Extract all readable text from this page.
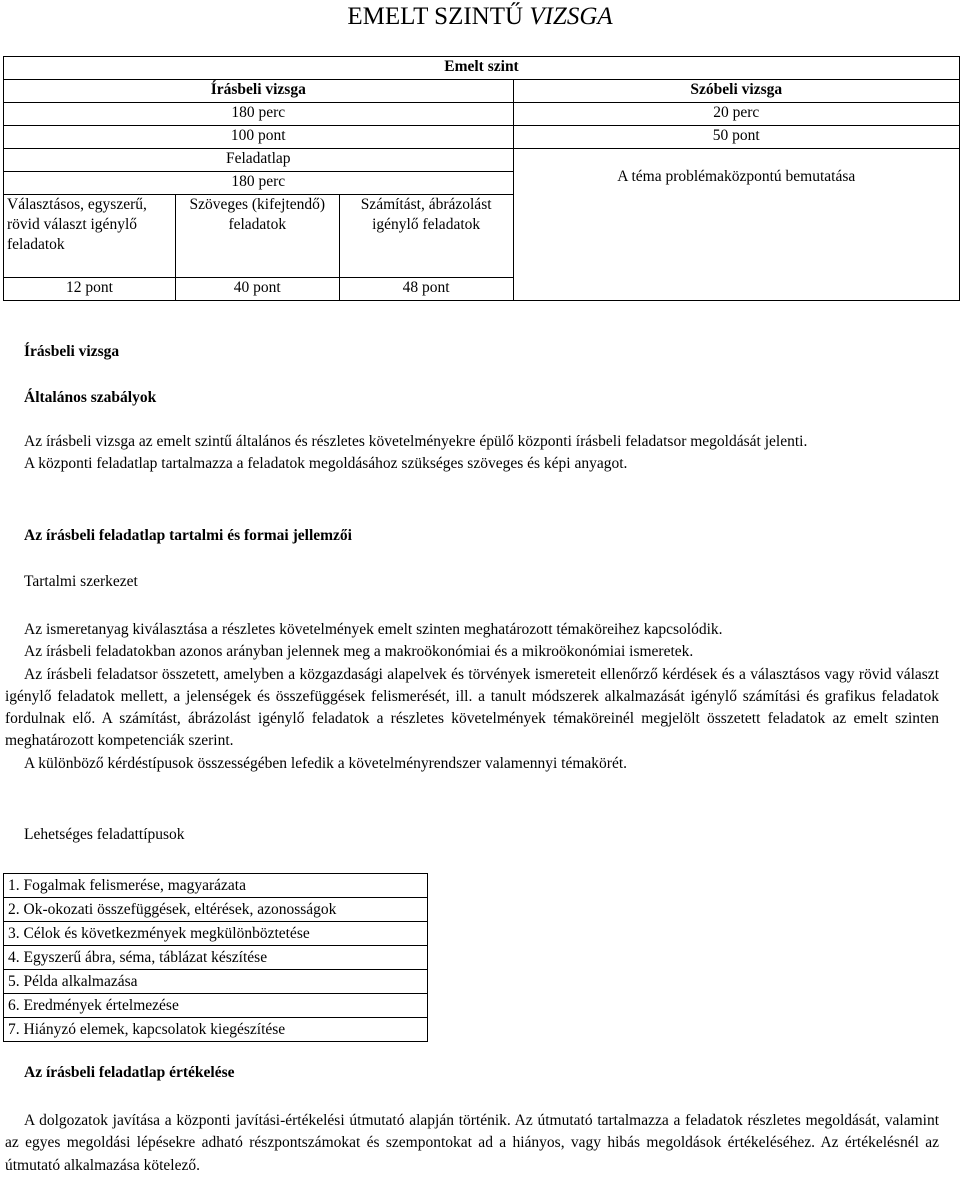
EMELT SZINTŰ VIZSGA
Emelt szint			
Írásbeli vizsga			Szóbeli vizsga
180 perc			20 perc
100 pont			50 pont
Feladatlap			A téma problémaközpontú bemutatása

180 perc			
Választásos, egyszerű, rövid választ igénylő feladatok	Szöveges (kifejtendő) feladatok	Számítást, ábrázolást igénylő feladatok	
12 pont	40 pont	48 pont	
Írásbeli vizsga
Általános szabályok

Az írásbeli vizsga az emelt szintű általános és részletes követelményekre épülő központi írásbeli feladatsor megoldását jelenti.

A központi feladatlap tartalmazza a feladatok megoldásához szükséges szöveges és képi anyagot.

Az írásbeli feladatlap tartalmi és formai jellemzői
Tartalmi szerkezet

Az ismeretanyag kiválasztása a részletes követelmények emelt szinten meghatározott témaköreihez kapcsolódik.

Az írásbeli feladatokban azonos arányban jelennek meg a makroökonómiai és a mikroökonómiai ismeretek.

Az írásbeli feladatsor összetett, amelyben a közgazdasági alapelvek és törvények ismereteit ellenőrző kérdések és a választásos vagy rövid választ igénylő feladatok mellett, a jelenségek és összefüggések felismerését, ill. a tanult módszerek alkalmazását igénylő számítási és grafikus feladatok fordulnak elő. A számítást, ábrázolást igénylő feladatok a részletes követelmények témaköreinél megjelölt összetett feladatok az emelt szinten meghatározott kompetenciák szerint.

A különböző kérdéstípusok összességében lefedik a követelményrendszer valamennyi témakörét.

Lehetséges feladattípusok
1. Fogalmak felismerése, magyarázata
2. Ok-okozati összefüggések, eltérések, azonosságok
3. Célok és következmények megkülönböztetése
4. Egyszerű ábra, séma, táblázat készítése
5. Példa alkalmazása
6. Eredmények értelmezése
7. Hiányzó elemek, kapcsolatok kiegészítése
Az írásbeli feladatlap értékelése

A dolgozatok javítása a központi javítási-értékelési útmutató alapján történik. Az útmutató tartalmazza a feladatok részletes megoldását, valamint az egyes megoldási lépésekre adható részpontszámokat és szempontokat ad a hiányos, vagy hibás megoldások értékeléséhez. Az értékelésnél az útmutató alkalmazása kötelező.
